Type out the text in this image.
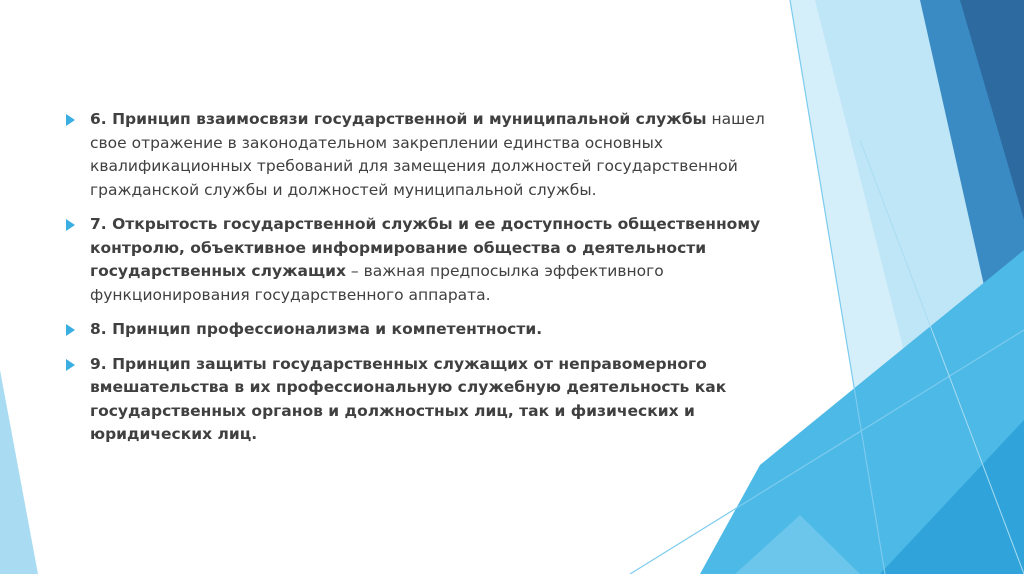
6. Принцип взаимосвязи государственной и муниципальной службы нашел свое отражение в законодательном закреплении единства основных квалификационных требований для замещения должностей государственной гражданской службы и должностей муниципальной службы.
7. Открытость государственной службы и ее доступность общественному контролю, объективное информирование общества о деятельности государственных служащих – важная предпосылка эффективного функционирования государственного аппарата.
8. Принцип профессионализма и компетентности.
9. Принцип защиты государственных служащих от неправомерного вмешательства в их профессиональную служебную деятельность как государственных органов и должностных лиц, так и физических и юридических лиц.
